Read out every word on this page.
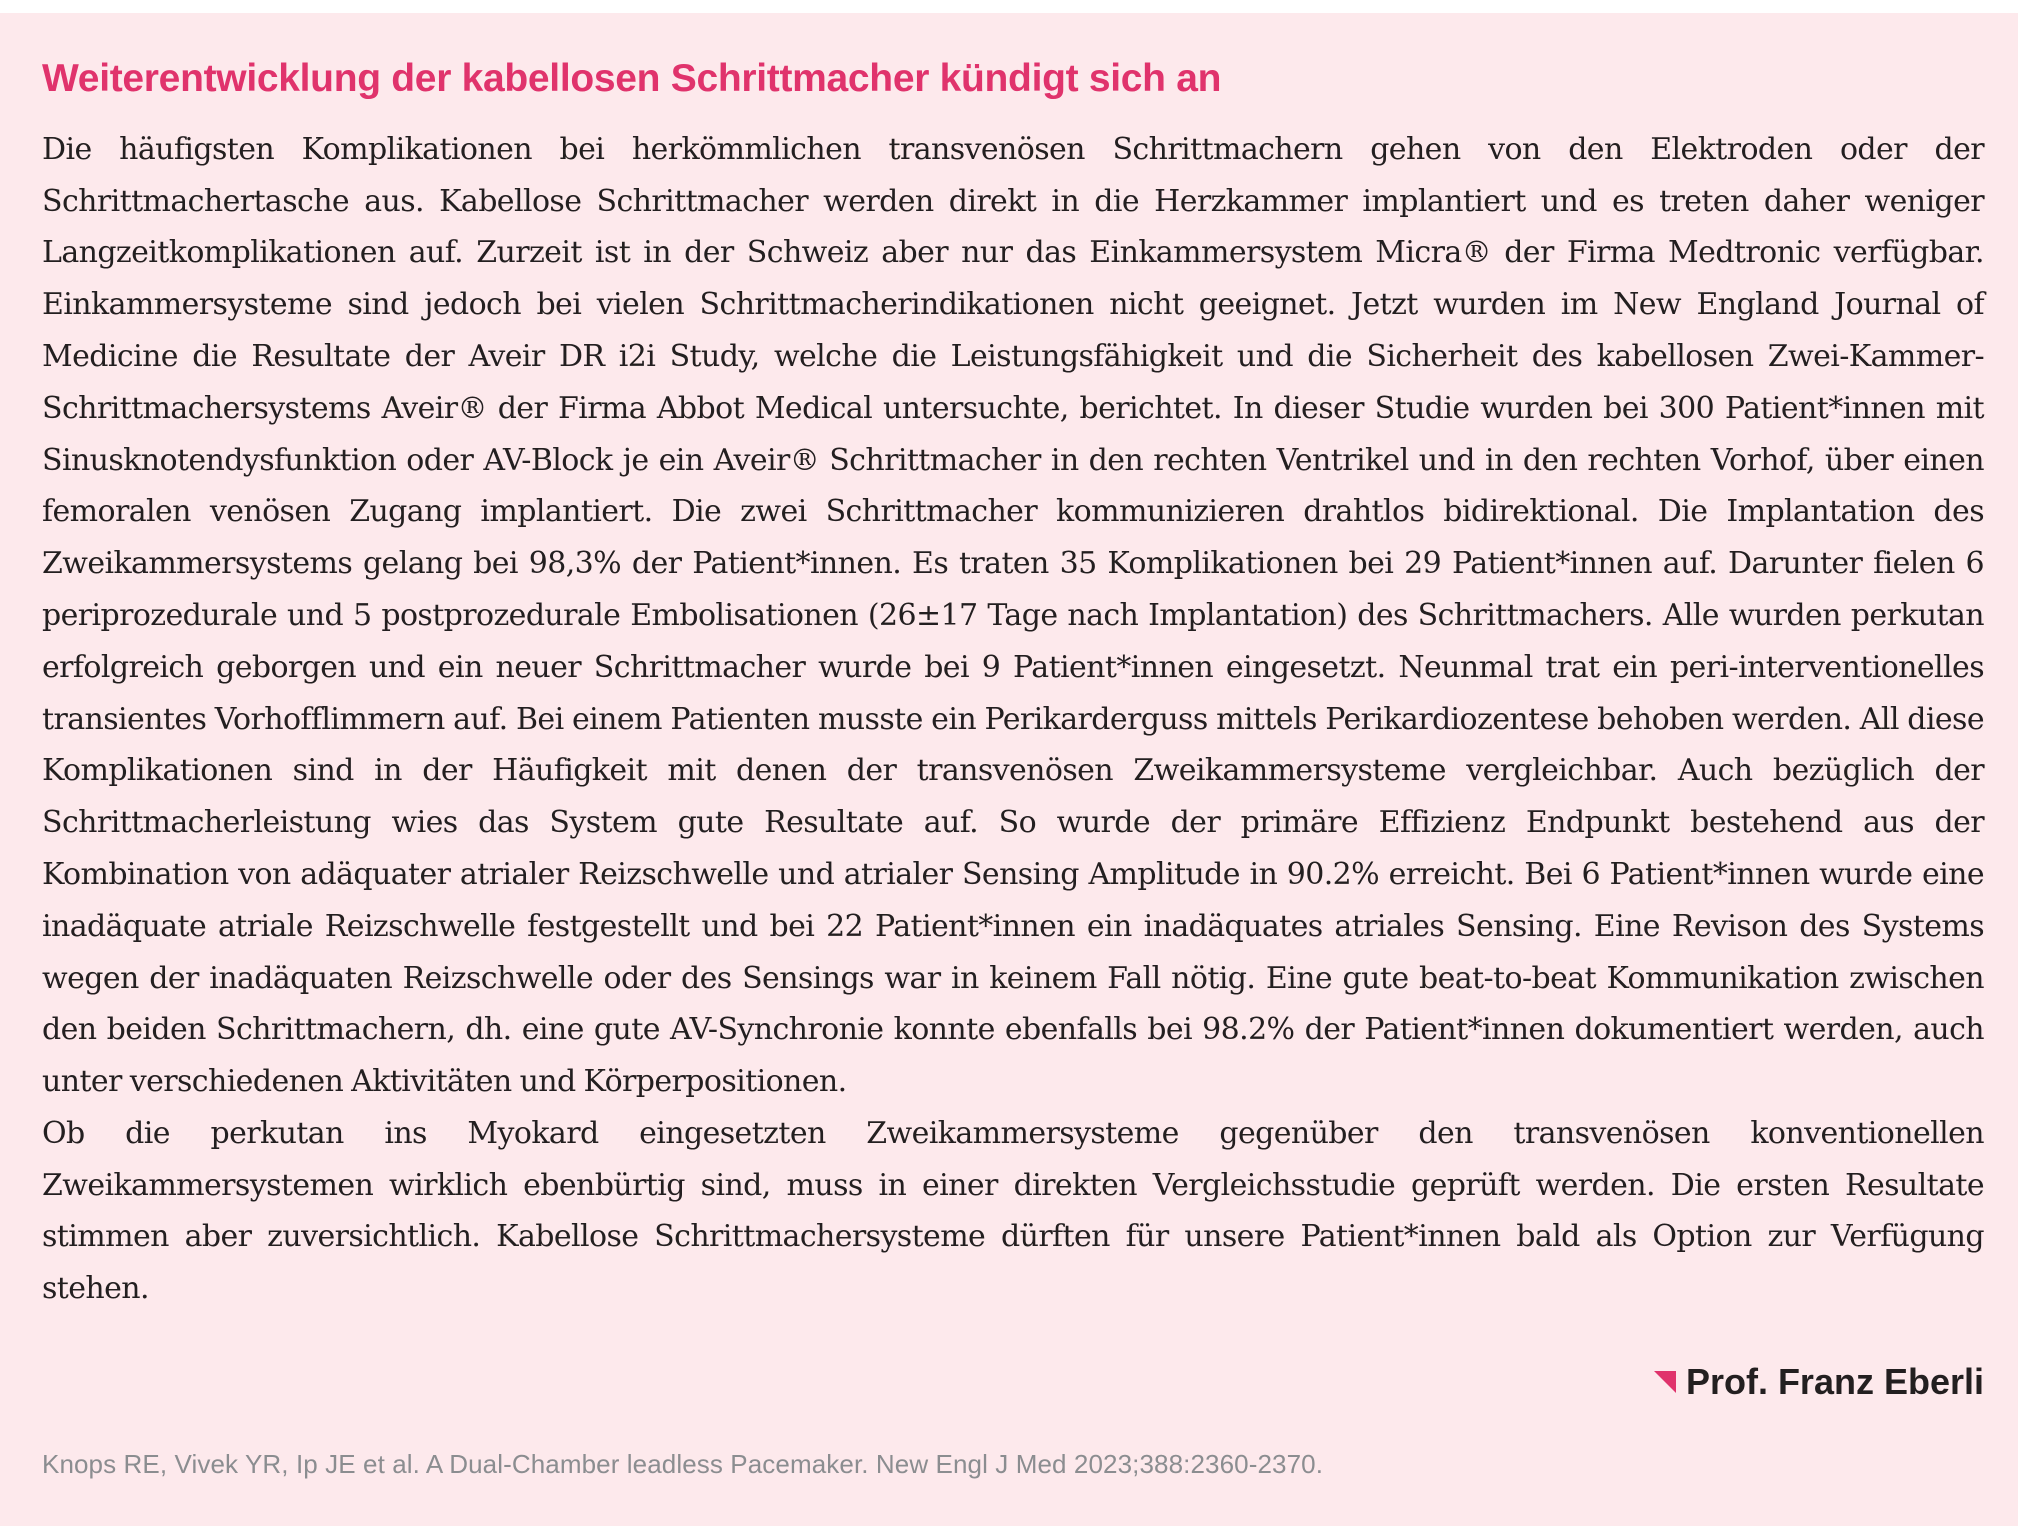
Weiterentwicklung der kabellosen Schrittmacher kündigt sich an

Die häufigsten Komplikationen bei herkömmlichen transvenösen Schrittmachern gehen von den Elektroden oder der Schrittmachertasche aus. Kabellose Schrittmacher werden direkt in die Herzkammer implantiert und es treten daher weniger Langzeitkomplikationen auf. Zurzeit ist in der Schweiz aber nur das Einkammersystem Micra® der Firma Medtronic verfügbar. Einkammersysteme sind jedoch bei vielen Schrittmacherindikationen nicht geeignet. Jetzt wurden im New England Journal of Medicine die Resultate der Aveir DR i2i Study, welche die Leistungsfähigkeit und die Sicherheit des kabellosen Zwei-Kammer-Schrittmachersystems Aveir® der Firma Abbot Medical untersuchte, berichtet. In dieser Studie wurden bei 300 Patient*innen mit Sinusknotendysfunktion oder AV-Block je ein Aveir® Schrittmacher in den rechten Ventrikel und in den rechten Vorhof, über einen femoralen venösen Zugang implantiert. Die zwei Schrittmacher kommunizieren drahtlos bidirektional. Die Implantation des Zweikammersystems gelang bei 98,3% der Patient*innen. Es traten 35 Komplikationen bei 29 Patient*innen auf. Darunter fielen 6 periprozedurale und 5 postprozedurale Embolisationen (26±17 Tage nach Implantation) des Schrittmachers. Alle wurden perkutan erfolgreich geborgen und ein neuer Schrittmacher wurde bei 9 Patient*innen eingesetzt. Neunmal trat ein peri-interventionelles transientes Vorhofflimmern auf. Bei einem Patienten musste ein Perikarderguss mittels Perikardiozentese behoben werden. All diese Komplikationen sind in der Häufigkeit mit denen der transvenösen Zweikammersysteme vergleichbar. Auch bezüglich der Schrittmacherleistung wies das System gute Resultate auf. So wurde der primäre Effizienz Endpunkt bestehend aus der Kombination von adäquater atrialer Reizschwelle und atrialer Sensing Amplitude in 90.2% erreicht. Bei 6 Patient*innen wurde eine inadäquate atriale Reizschwelle festgestellt und bei 22 Patient*innen ein inadäquates atriales Sensing. Eine Revison des Systems wegen der inadäquaten Reizschwelle oder des Sensings war in keinem Fall nötig. Eine gute beat-to-beat Kommunikation zwischen den beiden Schrittmachern, dh. eine gute AV-Synchronie konnte ebenfalls bei 98.2% der Patient*innen dokumentiert werden, auch unter verschiedenen Aktivitäten und Körperpositionen.

Ob die perkutan ins Myokard eingesetzten Zweikammersysteme gegenüber den transvenösen konventionellen Zweikammersystemen wirklich ebenbürtig sind, muss in einer direkten Vergleichsstudie geprüft werden. Die ersten Resultate stimmen aber zuversichtlich. Kabellose Schrittmachersysteme dürften für unsere Patient*innen bald als Option zur Verfügung stehen.

Prof. Franz Eberli
Knops RE, Vivek YR, Ip JE et al. A Dual-Chamber leadless Pacemaker. New Engl J Med 2023;388:2360-2370.
